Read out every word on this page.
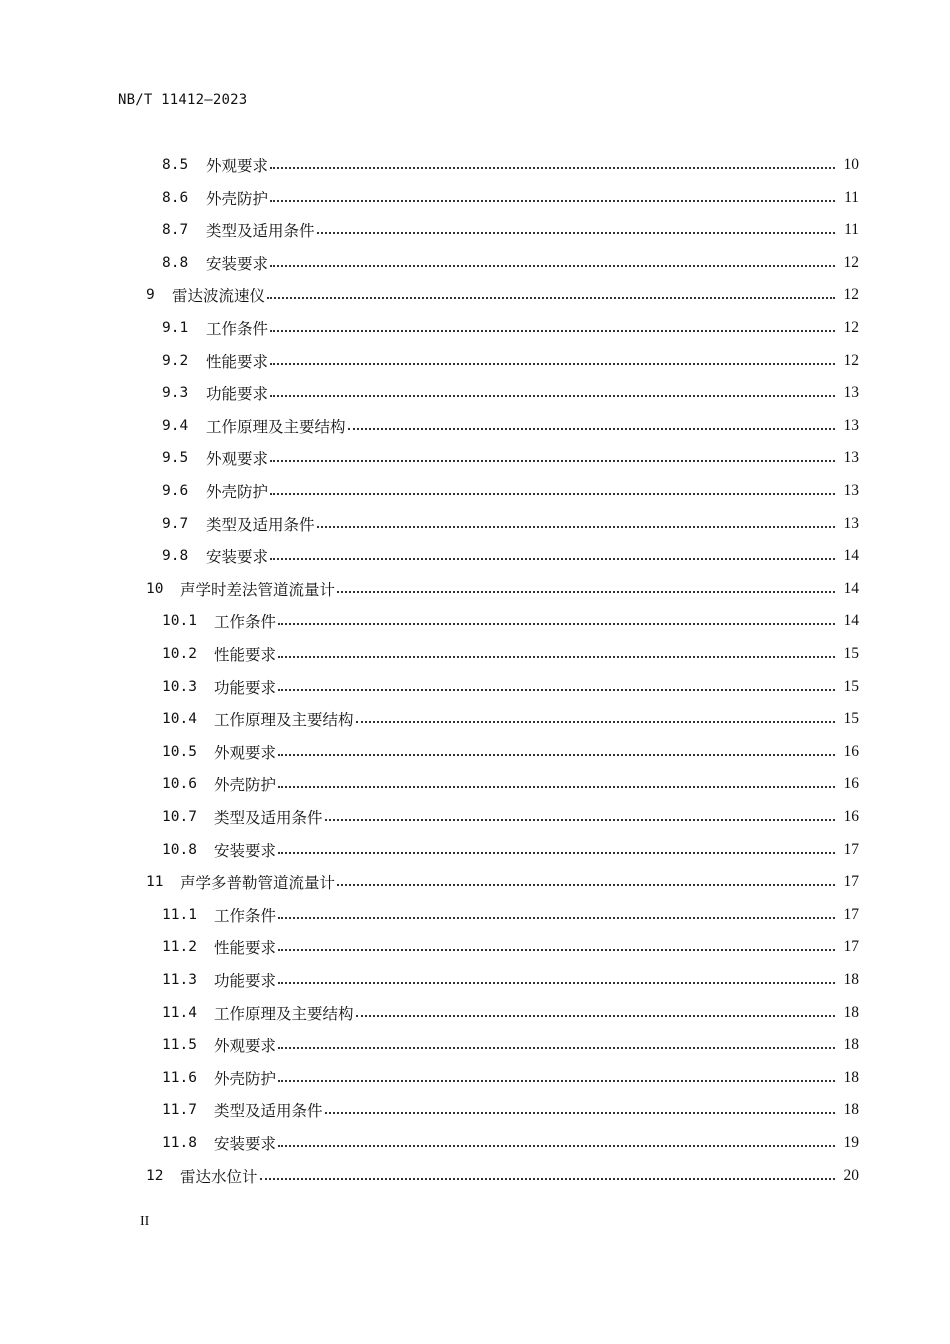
NB/T 11412—2023
8.5	外观要求	10
8.6	外壳防护	11
8.7	类型及适用条件	11
8.8	安装要求	12
9	雷达波流速仪	12
9.1	工作条件	12
9.2	性能要求	12
9.3	功能要求	13
9.4	工作原理及主要结构	13
9.5	外观要求	13
9.6	外壳防护	13
9.7	类型及适用条件	13
9.8	安装要求	14
10	声学时差法管道流量计	14
10.1	工作条件	14
10.2	性能要求	15
10.3	功能要求	15
10.4	工作原理及主要结构	15
10.5	外观要求	16
10.6	外壳防护	16
10.7	类型及适用条件	16
10.8	安装要求	17
11	声学多普勒管道流量计	17
11.1	工作条件	17
11.2	性能要求	17
11.3	功能要求	18
11.4	工作原理及主要结构	18
11.5	外观要求	18
11.6	外壳防护	18
11.7	类型及适用条件	18
11.8	安装要求	19
12	雷达水位计	20
II
